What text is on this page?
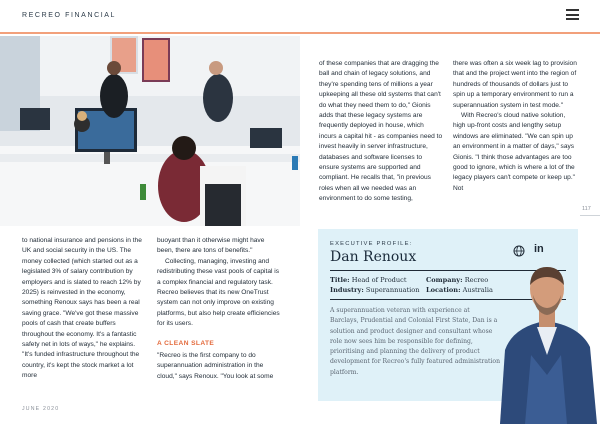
RECREO FINANCIAL

of these companies that are dragging the ball and chain of legacy solutions, and they're spending tens of millions a year upkeeping all these old systems that can't do what they need them to do," Gionis adds that these legacy systems are frequently deployed in house, which incurs a capital hit - as companies need to invest heavily in server infrastructure, databases and software licenses to ensure systems are supported and compliant. He recalls that, "in previous roles when all we needed was an environment to do some testing,

there was often a six week lag to provision that and the project went into the region of hundreds of thousands of dollars just to spin up a temporary environment to run a superannuation system in test mode."

With Recreo's cloud native solution, high up-front costs and lengthy setup windows are eliminated. "We can spin up an environment in a matter of days," says Gionis. "I think those advantages are too good to ignore, which is where a lot of the legacy players can't compete or keep up." Not

to national insurance and pensions in the UK and social security in the US. The money collected (which started out as a legislated 3% of salary contribution by employers and is slated to reach 12% by 2025) is reinvested in the economy, something Renoux says has been a real saving grace. "We've got these massive pools of cash that create buffers throughout the economy. It's a fantastic safety net in lots of ways," he explains. "It's funded infrastructure throughout the country, it's kept the stock market a lot more

buoyant than it otherwise might have been, there are tons of benefits."

Collecting, managing, investing and redistributing these vast pools of capital is a complex financial and regulatory task. Recreo believes that its new OneTrust system can not only improve on existing platforms, but also help create efficiencies for its users.

A CLEAN SLATE

"Recreo is the first company to do superannuation administration in the cloud," says Renoux. "You look at some

117
JUNE 2020
EXECUTIVE PROFILE:
Dan Renoux	in
Title: Head of Product	Company: Recreo
Industry: Superannuation Location: Australia
A superannuation veteran with experience at Barclays, Prudential and Colonial First State, Dan is a solution and product designer and consultant whose role now sees him be responsible for defining, prioritising and planning the delivery of product development for Recreo's fully featured administration platform.
